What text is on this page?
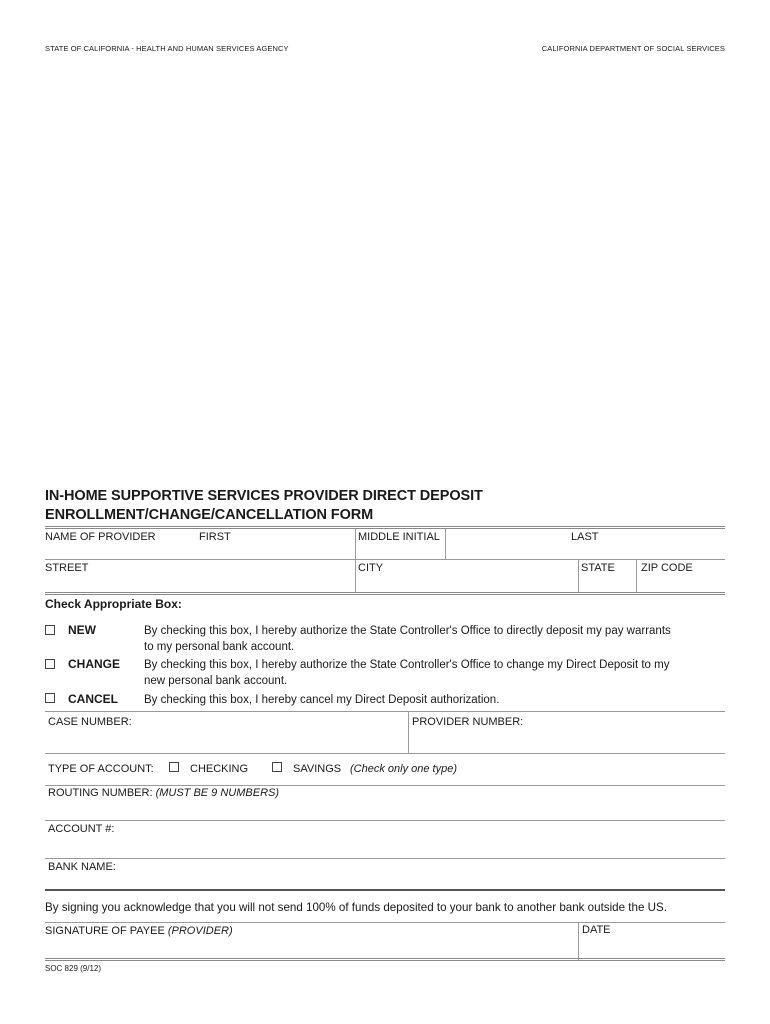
STATE OF CALIFORNIA - HEALTH AND HUMAN SERVICES AGENCY	CALIFORNIA DEPARTMENT OF SOCIAL SERVICES
IN-HOME SUPPORTIVE SERVICES PROVIDER DIRECT DEPOSIT
ENROLLMENT/CHANGE/CANCELLATION FORM
NAME OF PROVIDER	FIRST	MIDDLE INITIAL	LAST
STREET	CITY	STATE ZIP CODE
Check Appropriate Box:
NEW	By checking this box, I hereby authorize the State Controller's Office to directly deposit my pay warrants
to my personal bank account.
CHANGE By checking this box, I hereby authorize the State Controller's Office to change my Direct Deposit to my
new personal bank account.
CANCEL By checking this box, I hereby cancel my Direct Deposit authorization.
CASE NUMBER:	PROVIDER NUMBER:
TYPE OF ACCOUNT:	CHECKING	SAVINGS (Check only one type)
ROUTING NUMBER: (MUST BE 9 NUMBERS)
ACCOUNT #:
BANK NAME:
By signing you acknowledge that you will not send 100% of funds deposited to your bank to another bank outside the US.
SIGNATURE OF PAYEE (PROVIDER)	DATE
SOC 829 (9/12)
